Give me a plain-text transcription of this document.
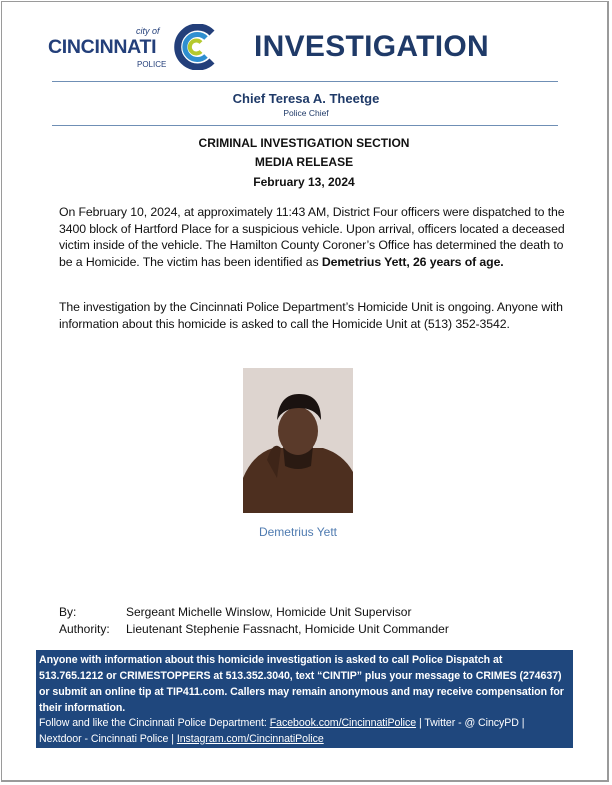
city of
CINCINNATI
POLICE
INVESTIGATION
Chief Teresa A. Theetge
Police Chief
CRIMINAL INVESTIGATION SECTION
MEDIA RELEASE
February 13, 2024

On February 10, 2024, at approximately 11:43 AM, District Four officers were dispatched to the 3400 block of Hartford Place for a suspicious vehicle. Upon arrival, officers located a deceased victim inside of the vehicle. The Hamilton County Coroner’s Office has determined the death to be a Homicide. The victim has been identified as Demetrius Yett, 26 years of age.

The investigation by the Cincinnati Police Department’s Homicide Unit is ongoing. Anyone with information about this homicide is asked to call the Homicide Unit at (513) 352-3542.

Demetrius Yett
By:	Sergeant Michelle Winslow, Homicide Unit Supervisor
Authority: Lieutenant Stephenie Fassnacht, Homicide Unit Commander

Anyone with information about this homicide investigation is asked to call Police Dispatch at 513.765.1212 or CRIMESTOPPERS at 513.352.3040, text “CINTIP” plus your message to CRIMES (274637) or submit an online tip at TIP411.com. Callers may remain anonymous and may receive compensation for their information.

Follow and like the Cincinnati Police Department: Facebook.com/CincinnatiPolice | Twitter - @ CincyPD | Nextdoor - Cincinnati Police | Instagram.com/CincinnatiPolice
